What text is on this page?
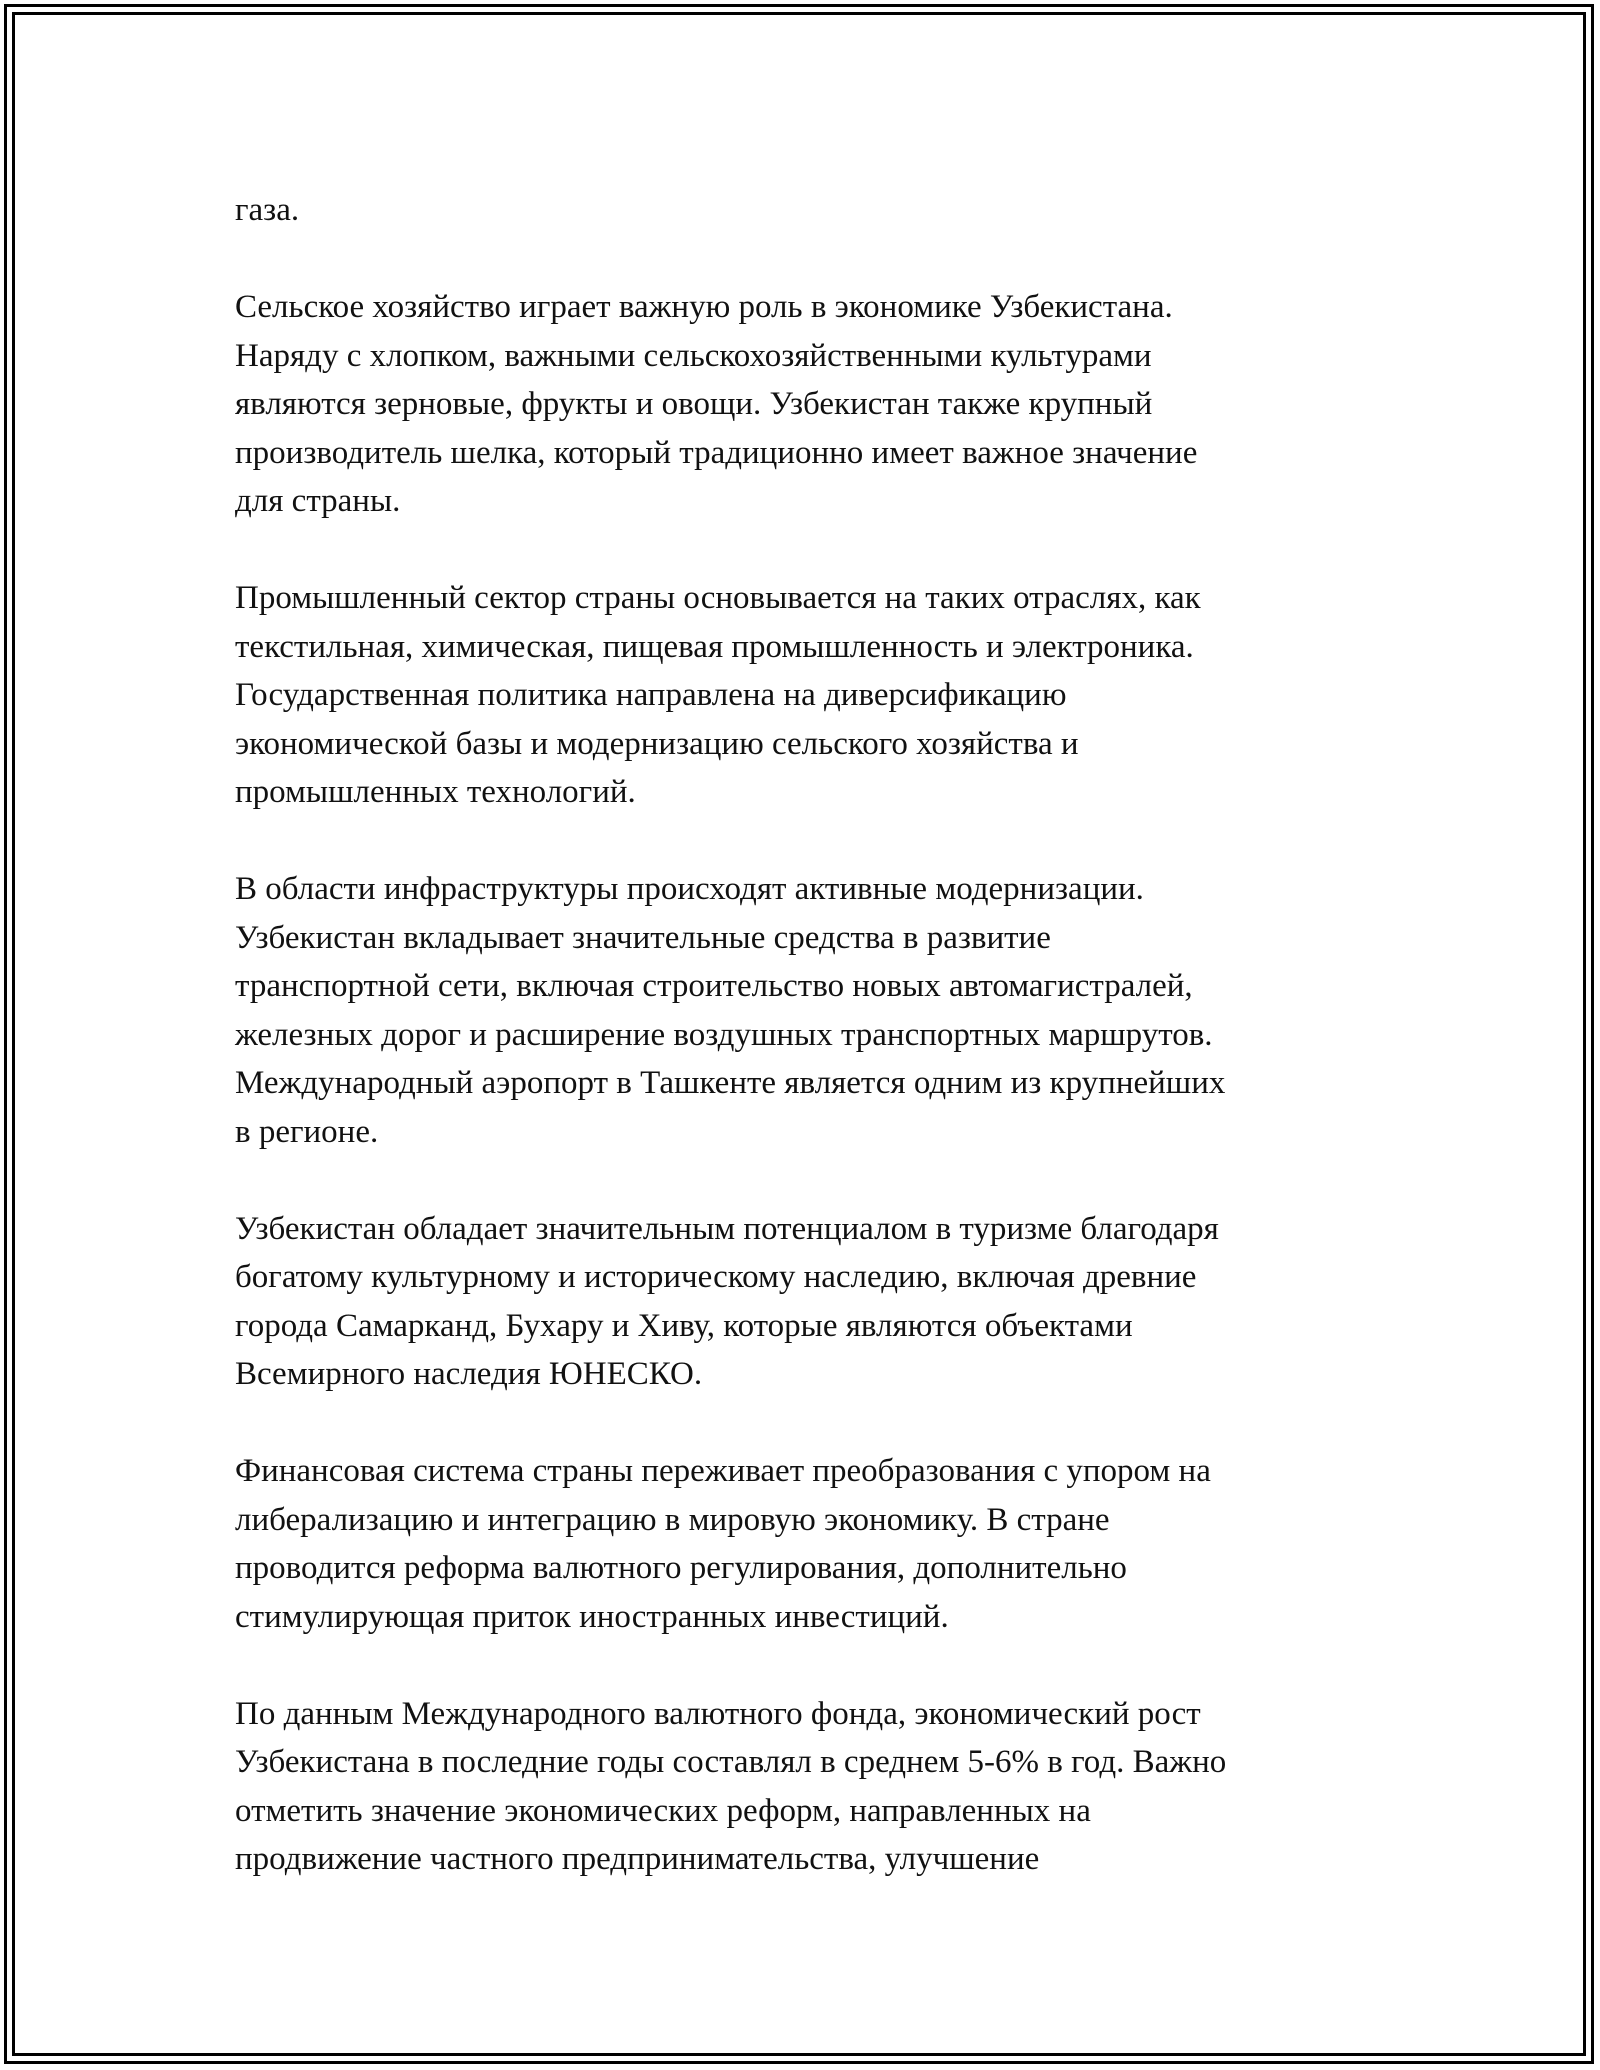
газа.

Сельское хозяйство играет важную роль в экономике Узбекистана.
Наряду с хлопком, важными сельскохозяйственными культурами
являются зерновые, фрукты и овощи. Узбекистан также крупный
производитель шелка, который традиционно имеет важное значение
для страны.

Промышленный сектор страны основывается на таких отраслях, как
текстильная, химическая, пищевая промышленность и электроника.
Государственная политика направлена на диверсификацию
экономической базы и модернизацию сельского хозяйства и
промышленных технологий.

В области инфраструктуры происходят активные модернизации.
Узбекистан вкладывает значительные средства в развитие
транспортной сети, включая строительство новых автомагистралей,
железных дорог и расширение воздушных транспортных маршрутов.
Международный аэропорт в Ташкенте является одним из крупнейших
в регионе.

Узбекистан обладает значительным потенциалом в туризме благодаря
богатому культурному и историческому наследию, включая древние
города Самарканд, Бухару и Хиву, которые являются объектами
Всемирного наследия ЮНЕСКО.

Финансовая система страны переживает преобразования с упором на
либерализацию и интеграцию в мировую экономику. В стране
проводится реформа валютного регулирования, дополнительно
стимулирующая приток иностранных инвестиций.

По данным Международного валютного фонда, экономический рост
Узбекистана в последние годы составлял в среднем 5-6% в год. Важно
отметить значение экономических реформ, направленных на
продвижение частного предпринимательства, улучшение
